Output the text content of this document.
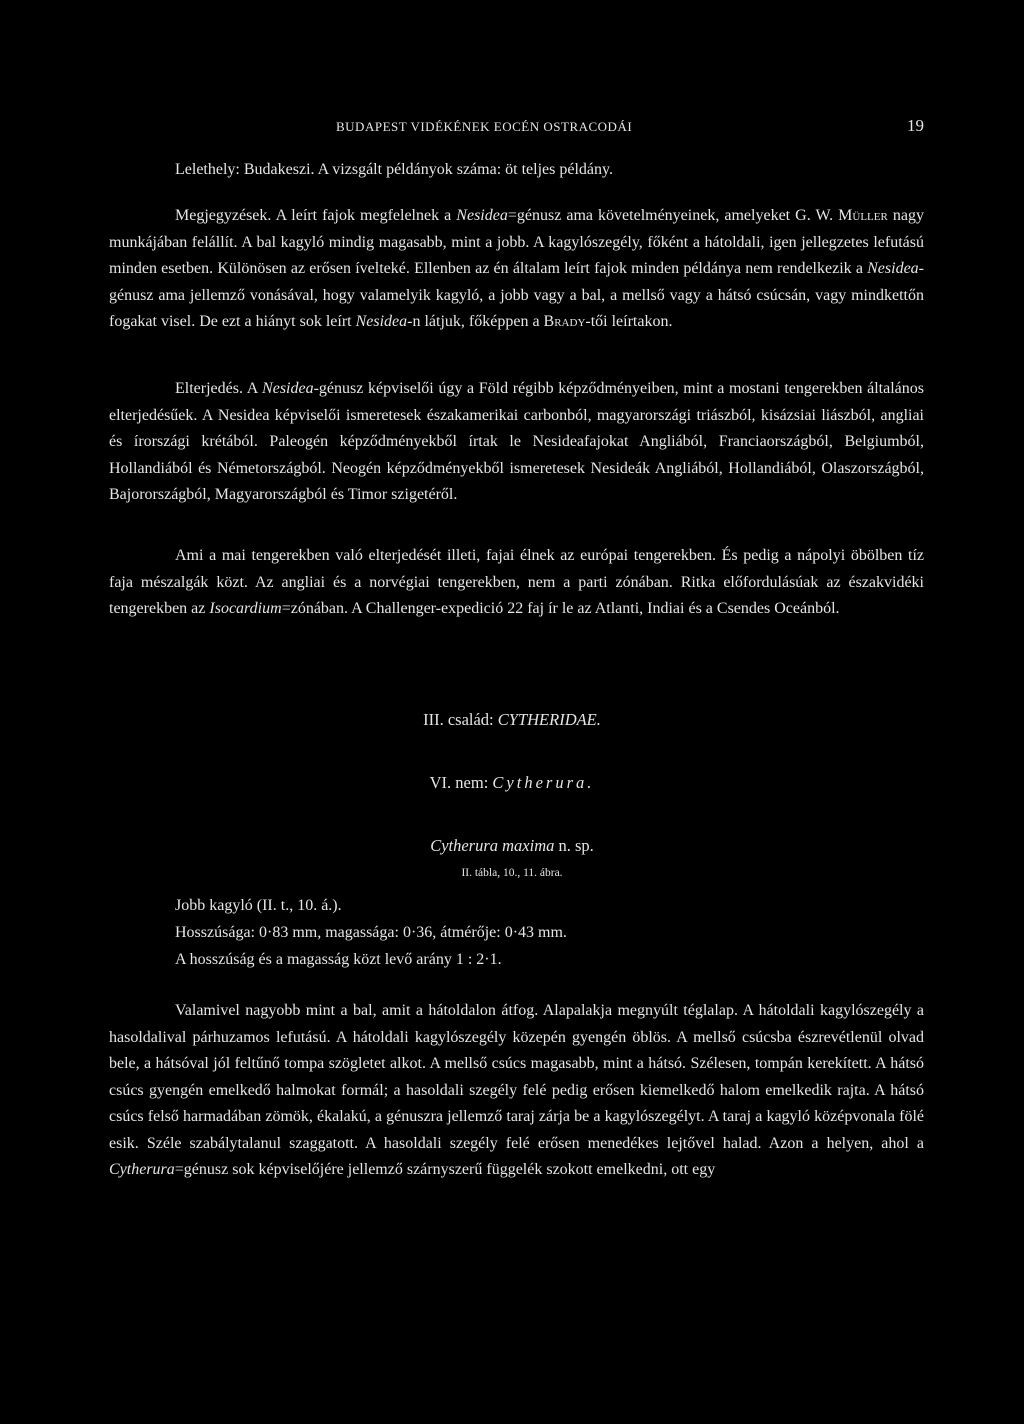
BUDAPEST VIDÉKÉNEK EOCÉN OSTRACODÁI	19

Lelethely: Budakeszi. A vizsgált példányok száma: öt teljes példány.

Megjegyzések. A leírt fajok megfelelnek a Nesidea=génusz ama követelményeinek, amelyeket G. W. Müller nagy munkájában felállít. A bal kagyló mindig magasabb, mint a jobb. A kagylószegély, főként a hátoldali, igen jellegzetes lefutású minden esetben. Különösen az erősen ívelteké. Ellenben az én általam leírt fajok minden példánya nem rendelkezik a Nesidea-génusz ama jellemző vonásával, hogy valamelyik kagyló, a jobb vagy a bal, a mellső vagy a hátsó csúcsán, vagy mindkettőn fogakat visel. De ezt a hiányt sok leírt Nesidea-n látjuk, főképpen a Brady-tői leírtakon.

Elterjedés. A Nesidea-génusz képviselői úgy a Föld régibb képződményeiben, mint a mostani tengerekben általános elterjedésűek. A Nesidea képviselői ismeretesek északamerikai carbonból, magyarországi triászból, kisázsiai liászból, angliai és írországi krétából. Paleogén képződményekből írtak le Nesideafajokat Angliából, Franciaországból, Belgiumból, Hollandiából és Németországból. Neogén képződményekből ismeretesek Nesideák Angliából, Hollandiából, Olaszországból, Bajorországból, Magyarországból és Timor szigetéről.

Ami a mai tengerekben való elterjedését illeti, fajai élnek az európai tengerekben. És pedig a nápolyi öbölben tíz faja mészalgák közt. Az angliai és a norvégiai tengerekben, nem a parti zónában. Ritka előfordulásúak az északvidéki tengerekben az Isocardium=zónában. A Challenger-expedició 22 faj ír le az Atlanti, Indiai és a Csendes Oceánból.

III. család: CYTHERIDAE.

VI. nem: Cytherura.

Cytherura maxima n. sp.

II. tábla, 10., 11. ábra.

Jobb kagyló (II. t., 10. á.).

Hosszúsága: 0·83 mm, magassága: 0·36, átmérője: 0·43 mm.

A hosszúság és a magasság közt levő arány 1 : 2·1.

Valamivel nagyobb mint a bal, amit a hátoldalon átfog. Alapalakja megnyúlt téglalap. A hátoldali kagylószegély a hasoldalival párhuzamos lefutású. A hátoldali kagylószegély közepén gyengén öblös. A mellső csúcsba észrevétlenül olvad bele, a hátsóval jól feltűnő tompa szögletet alkot. A mellső csúcs magasabb, mint a hátsó. Szélesen, tompán kerekített. A hátsó csúcs gyengén emelkedő halmokat formál; a hasoldali szegély felé pedig erősen kiemelkedő halom emelkedik rajta. A hátsó csúcs felső harmadában zömök, ékalakú, a génuszra jellemző taraj zárja be a kagylószegélyt. A taraj a kagyló középvonala fölé esik. Széle szabálytalanul szaggatott. A hasoldali szegély felé erősen menedékes lejtővel halad. Azon a helyen, ahol a Cytherura=génusz sok képviselőjére jellemző szárnyszerű függelék szokott emelkedni, ott egy
